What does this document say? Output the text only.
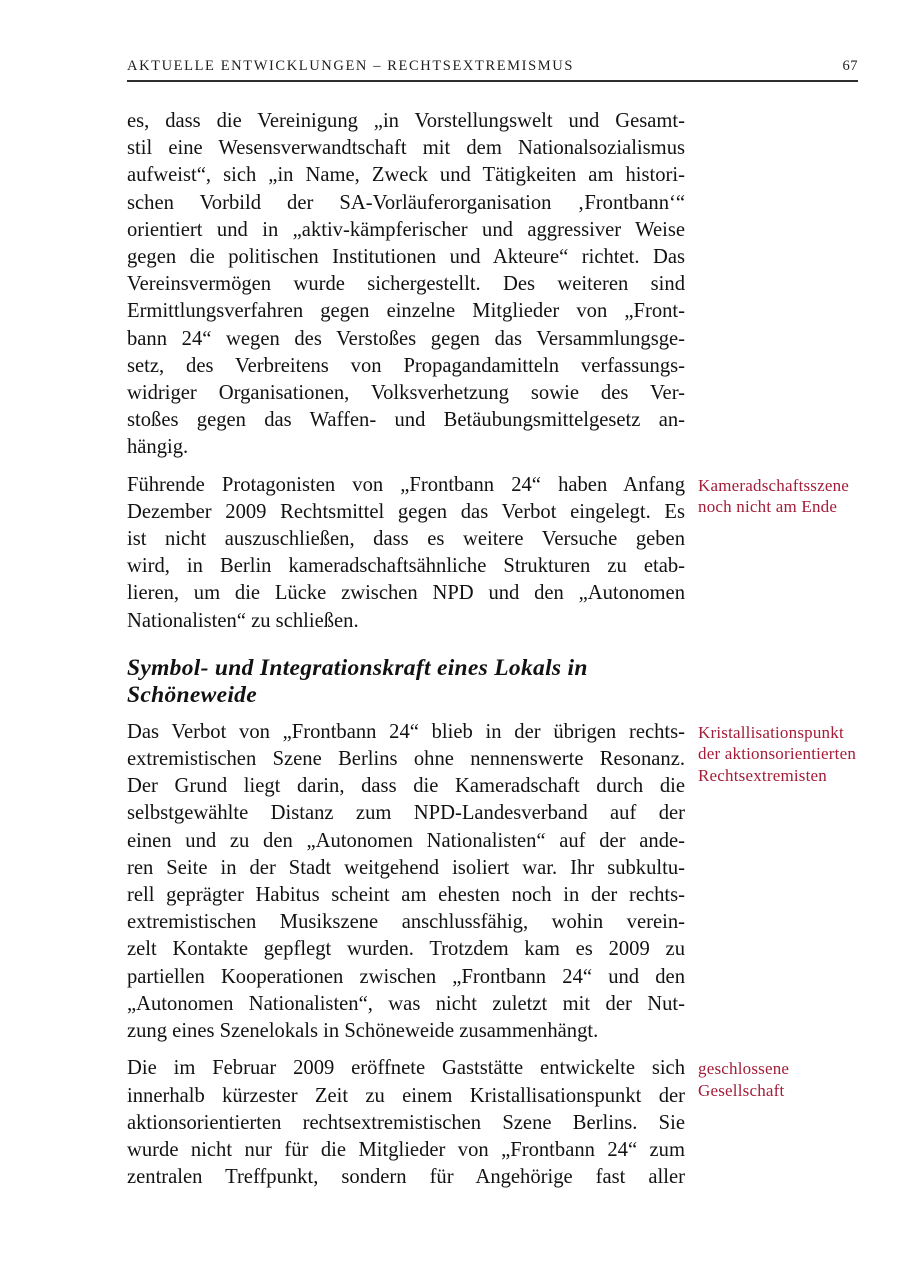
AKTUELLE ENTWICKLUNGEN – RECHTSEXTREMISMUS	67
es, dass die Vereinigung „in Vorstellungswelt und Gesamt-
stil eine Wesensverwandtschaft mit dem Nationalsozialismus
aufweist“, sich „in Name, Zweck und Tätigkeiten am histori-
schen Vorbild der SA-Vorläuferorganisation ‚Frontbann‘“
orientiert und in „aktiv-kämpferischer und aggressiver Weise
gegen die politischen Institutionen und Akteure“ richtet. Das
Vereinsvermögen wurde sichergestellt. Des weiteren sind
Ermittlungsverfahren gegen einzelne Mitglieder von „Front-
bann 24“ wegen des Verstoßes gegen das Versammlungsge-
setz, des Verbreitens von Propagandamitteln verfassungs-
widriger Organisationen, Volksverhetzung sowie des Ver-
stoßes gegen das Waffen- und Betäubungsmittelgesetz an-
hängig.
Führende Protagonisten von „Frontbann 24“ haben Anfang
Dezember 2009 Rechtsmittel gegen das Verbot eingelegt. Es
ist nicht auszuschließen, dass es weitere Versuche geben
wird, in Berlin kameradschaftsähnliche Strukturen zu etab-
lieren, um die Lücke zwischen NPD und den „Autonomen
Nationalisten“ zu schließen.
Kameradschaftsszene
noch nicht am Ende
Symbol- und Integrationskraft eines Lokals in
Schöneweide
Das Verbot von „Frontbann 24“ blieb in der übrigen rechts-
extremistischen Szene Berlins ohne nennenswerte Resonanz.
Der Grund liegt darin, dass die Kameradschaft durch die
selbstgewählte Distanz zum NPD-Landesverband auf der
einen und zu den „Autonomen Nationalisten“ auf der ande-
ren Seite in der Stadt weitgehend isoliert war. Ihr subkultu-
rell geprägter Habitus scheint am ehesten noch in der rechts-
extremistischen Musikszene anschlussfähig, wohin verein-
zelt Kontakte gepflegt wurden. Trotzdem kam es 2009 zu
partiellen Kooperationen zwischen „Frontbann 24“ und den
„Autonomen Nationalisten“, was nicht zuletzt mit der Nut-
zung eines Szenelokals in Schöneweide zusammenhängt.
Kristallisationspunkt
der aktionsorientierten
Rechtsextremisten
Die im Februar 2009 eröffnete Gaststätte entwickelte sich
innerhalb kürzester Zeit zu einem Kristallisationspunkt der
aktionsorientierten rechtsextremistischen Szene Berlins. Sie
wurde nicht nur für die Mitglieder von „Frontbann 24“ zum
zentralen Treffpunkt, sondern für Angehörige fast aller
geschlossene
Gesellschaft
